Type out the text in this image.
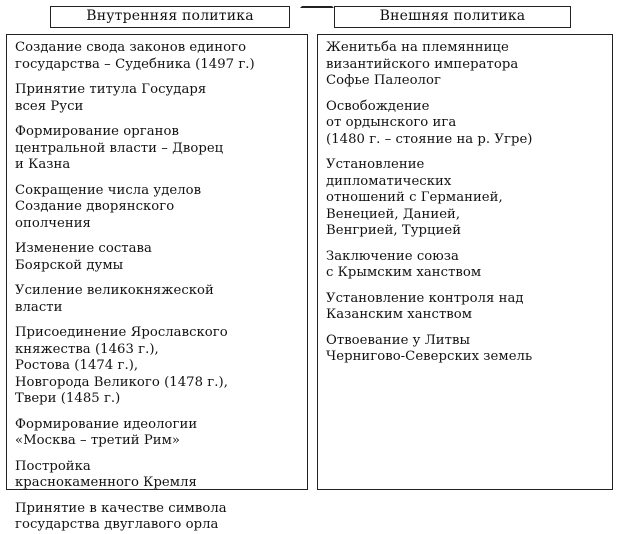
Внутренняя политика	Внешняя политика
Создание свода законов единого
государства – Судебника (1497 г.)
Принятие титула Государя
всея Руси
Формирование органов
центральной власти – Дворец
и Казна
Сокращение числа уделов
Создание дворянского
ополчения
Изменение состава
Боярской думы
Усиление великокняжеской
власти
Присоединение Ярославского
княжества (1463 г.),
Ростова (1474 г.),
Новгорода Великого (1478 г.),
Твери (1485 г.)
Формирование идеологии
«Москва – третий Рим»
Постройка
краснокаменного Кремля
Принятие в качестве символа
государства двуглавого орла
Женитьба на племяннице
византийского императора
Софье Палеолог
Освобождение
от ордынского ига
(1480 г. – стояние на р. Угре)
Установление
дипломатических
отношений с Германией,
Венецией, Данией,
Венгрией, Турцией
Заключение союза
с Крымским ханством
Установление контроля над
Казанским ханством
Отвоевание у Литвы
Чернигово-Северских земель
